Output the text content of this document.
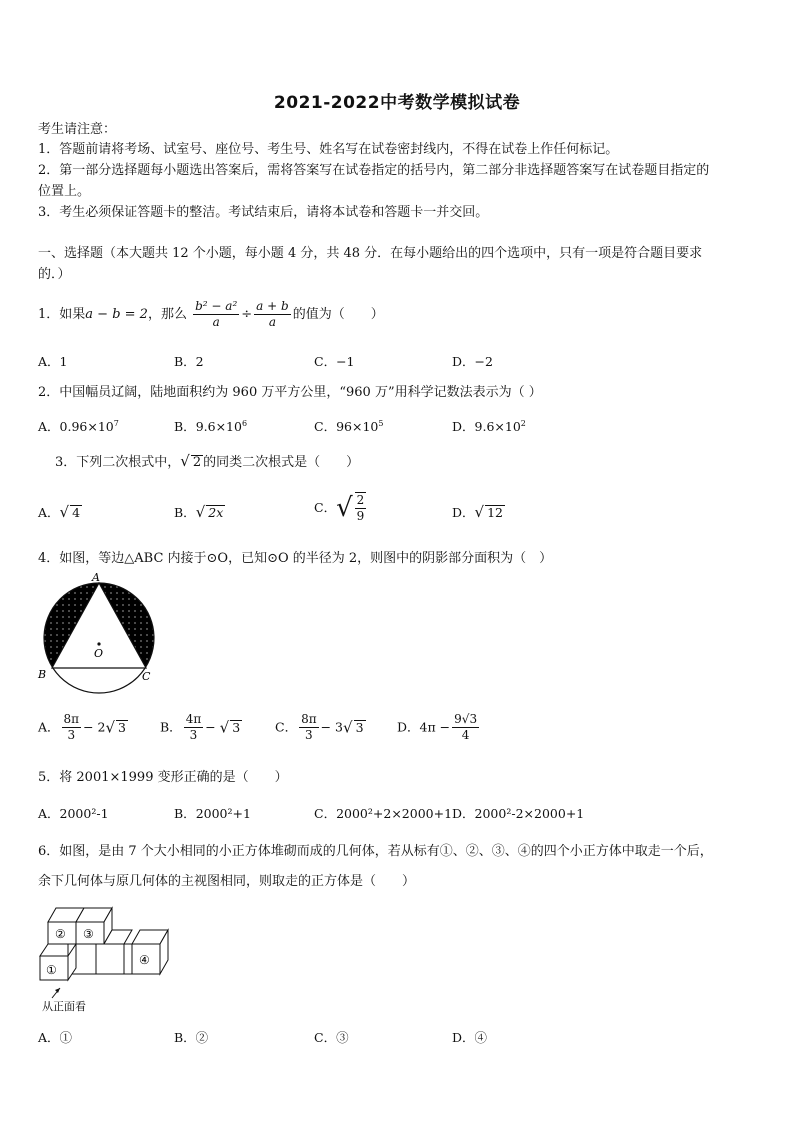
2021-2022中考数学模拟试卷
考生请注意：
1．答题前请将考场、试室号、座位号、考生号、姓名写在试卷密封线内，不得在试卷上作任何标记。
2．第一部分选择题每小题选出答案后，需将答案写在试卷指定的括号内，第二部分非选择题答案写在试卷题目指定的
位置上。
3．考生必须保证答题卡的整洁。考试结束后，请将本试卷和答题卡一并交回。
一、选择题（本大题共 12 个小题，每小题 4 分，共 48 分．在每小题给出的四个选项中，只有一项是符合题目要求
的．）
1．如果a − b = 2，那么 $\frac{\text{b² − a²}}{a} \div \frac{a + b}{a}$ 的值为（　　）
A．1	B．2	C．−1	D．−2
2．中国幅员辽阔，陆地面积约为 960 万平方公里，“960 万”用科学记数法表示为（ ）
A．$0.96\times 10^7$	B．$9.6\times 10^6$	C．$96\times 10^5$	D．$9.6\times 10^2$
3．下列二次根式中，√ 2 的同类二次根式是（　　）
A．√ 4	B．√ 2x	C．√ $\frac{2}{9}$	D．√ 12
4．如图，等边△ABC 内接于⊙O，已知⊙O 的半径为 2，则图中的阴影部分面积为（　）
A
B	C
O
A． $\frac{8\pi}{3} - 2√$ 3	B． $\frac{4\pi}{3}$ − √ 3	C． $\frac{8\pi}{3} - 3√$ 3	D．$4\pi - \frac{9√3}{4}$
5．将 2001×1999 变形正确的是（　　）
A．2000²-1	B．2000²+1	C．2000²+2×2000+1 D．2000²-2×2000+1
6．如图，是由 7 个大小相同的小正方体堆砌而成的几何体，若从标有①、②、③、④的四个小正方体中取走一个后，
余下几何体与原几何体的主视图相同，则取走的正方体是（　　）
② ③
①
④
从正面看
A．①	B．②	C．③	D．④
